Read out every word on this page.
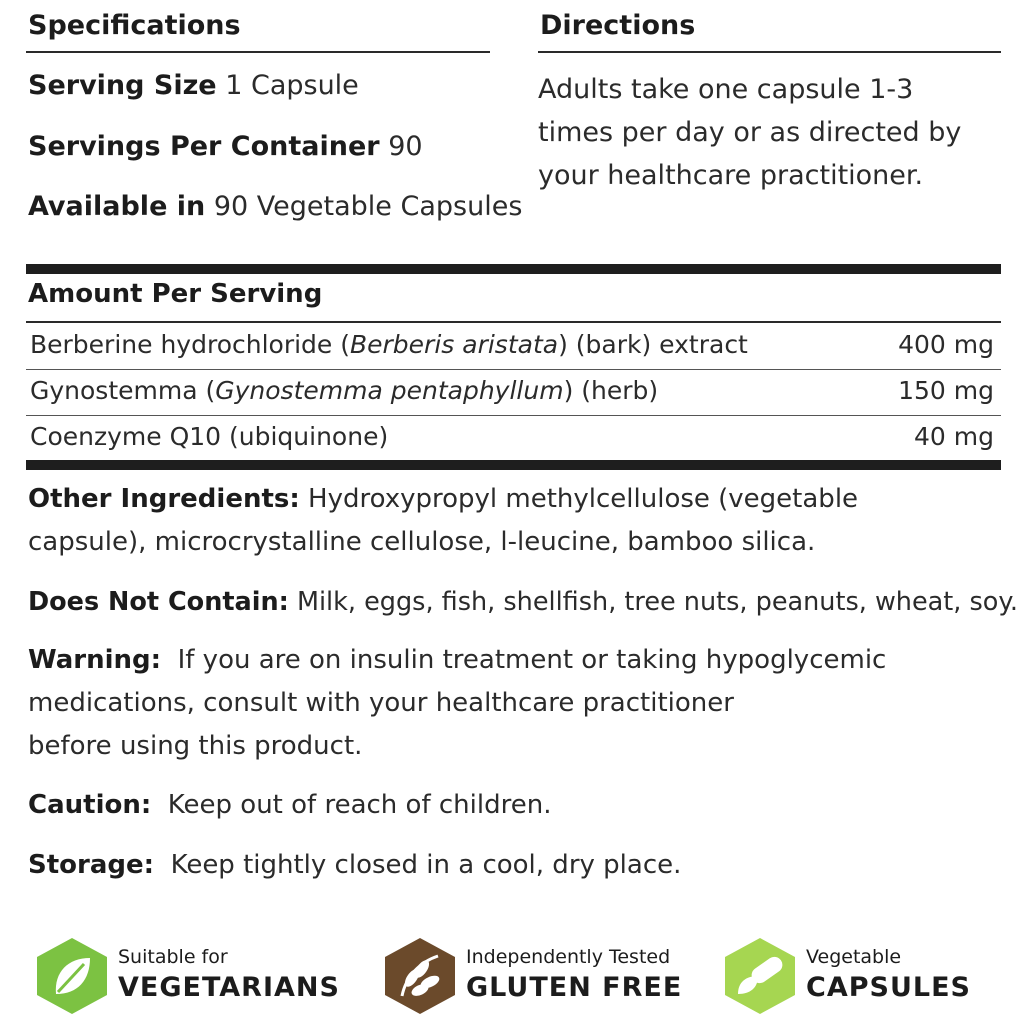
Specifications
Serving Size 1 Capsule
Servings Per Container 90
Available in 90 Vegetable Capsules
Directions
Adults take one capsule 1-3 times per day or as directed by your healthcare practitioner.
Amount Per Serving
Berberine hydrochloride (Berberis aristata) (bark) extract	400 mg
Gynostemma (Gynostemma pentaphyllum) (herb)	150 mg
Coenzyme Q10 (ubiquinone)	40 mg
Other Ingredients: Hydroxypropyl methylcellulose (vegetable capsule), microcrystalline cellulose, l-leucine, bamboo silica.
Does Not Contain: Milk, eggs, fish, shellfish, tree nuts, peanuts, wheat, soy.
Warning: If you are on insulin treatment or taking hypoglycemic
medications, consult with your healthcare practitioner
before using this product.
Caution: Keep out of reach of children.
Storage: Keep tightly closed in a cool, dry place.
Suitable for
VEGETARIANS
Independently Tested
GLUTEN FREE
Vegetable
CAPSULES
